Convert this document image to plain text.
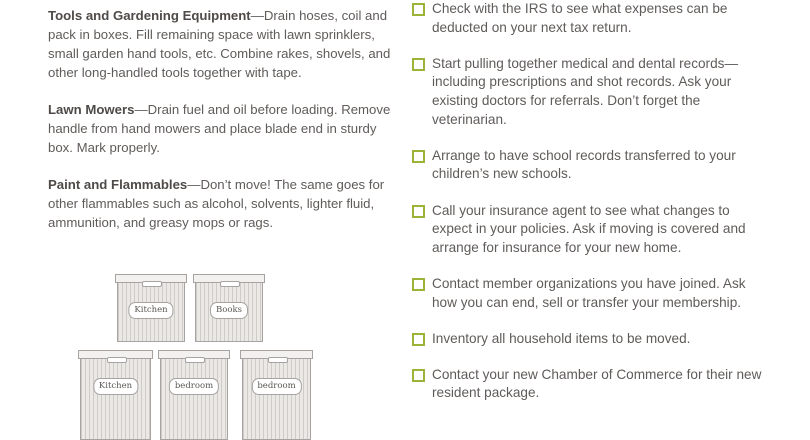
Tools and Gardening Equipment—Drain hoses, coil and pack in boxes. Fill remaining space with lawn sprinklers, small garden hand tools, etc. Combine rakes, shovels, and other long-handled tools together with tape.

Lawn Mowers—Drain fuel and oil before loading. Remove handle from hand mowers and place blade end in sturdy box. Mark properly.

Paint and Flammables—Don’t move! The same goes for other flammables such as alcohol, solvents, lighter fluid, ammunition, and greasy mops or rags.

Kitchen	Books
Kitchen	bedroom	bedroom
Check with the IRS to see what expenses can be deducted on your next tax return.
Start pulling together medical and dental records—including prescriptions and shot records. Ask your existing doctors for referrals. Don’t forget the veterinarian.
Arrange to have school records transferred to your children’s new schools.
Call your insurance agent to see what changes to expect in your policies. Ask if moving is covered and arrange for insurance for your new home.
Contact member organizations you have joined. Ask how you can end, sell or transfer your membership.
Inventory all household items to be moved.
Contact your new Chamber of Commerce for their new resident package.
